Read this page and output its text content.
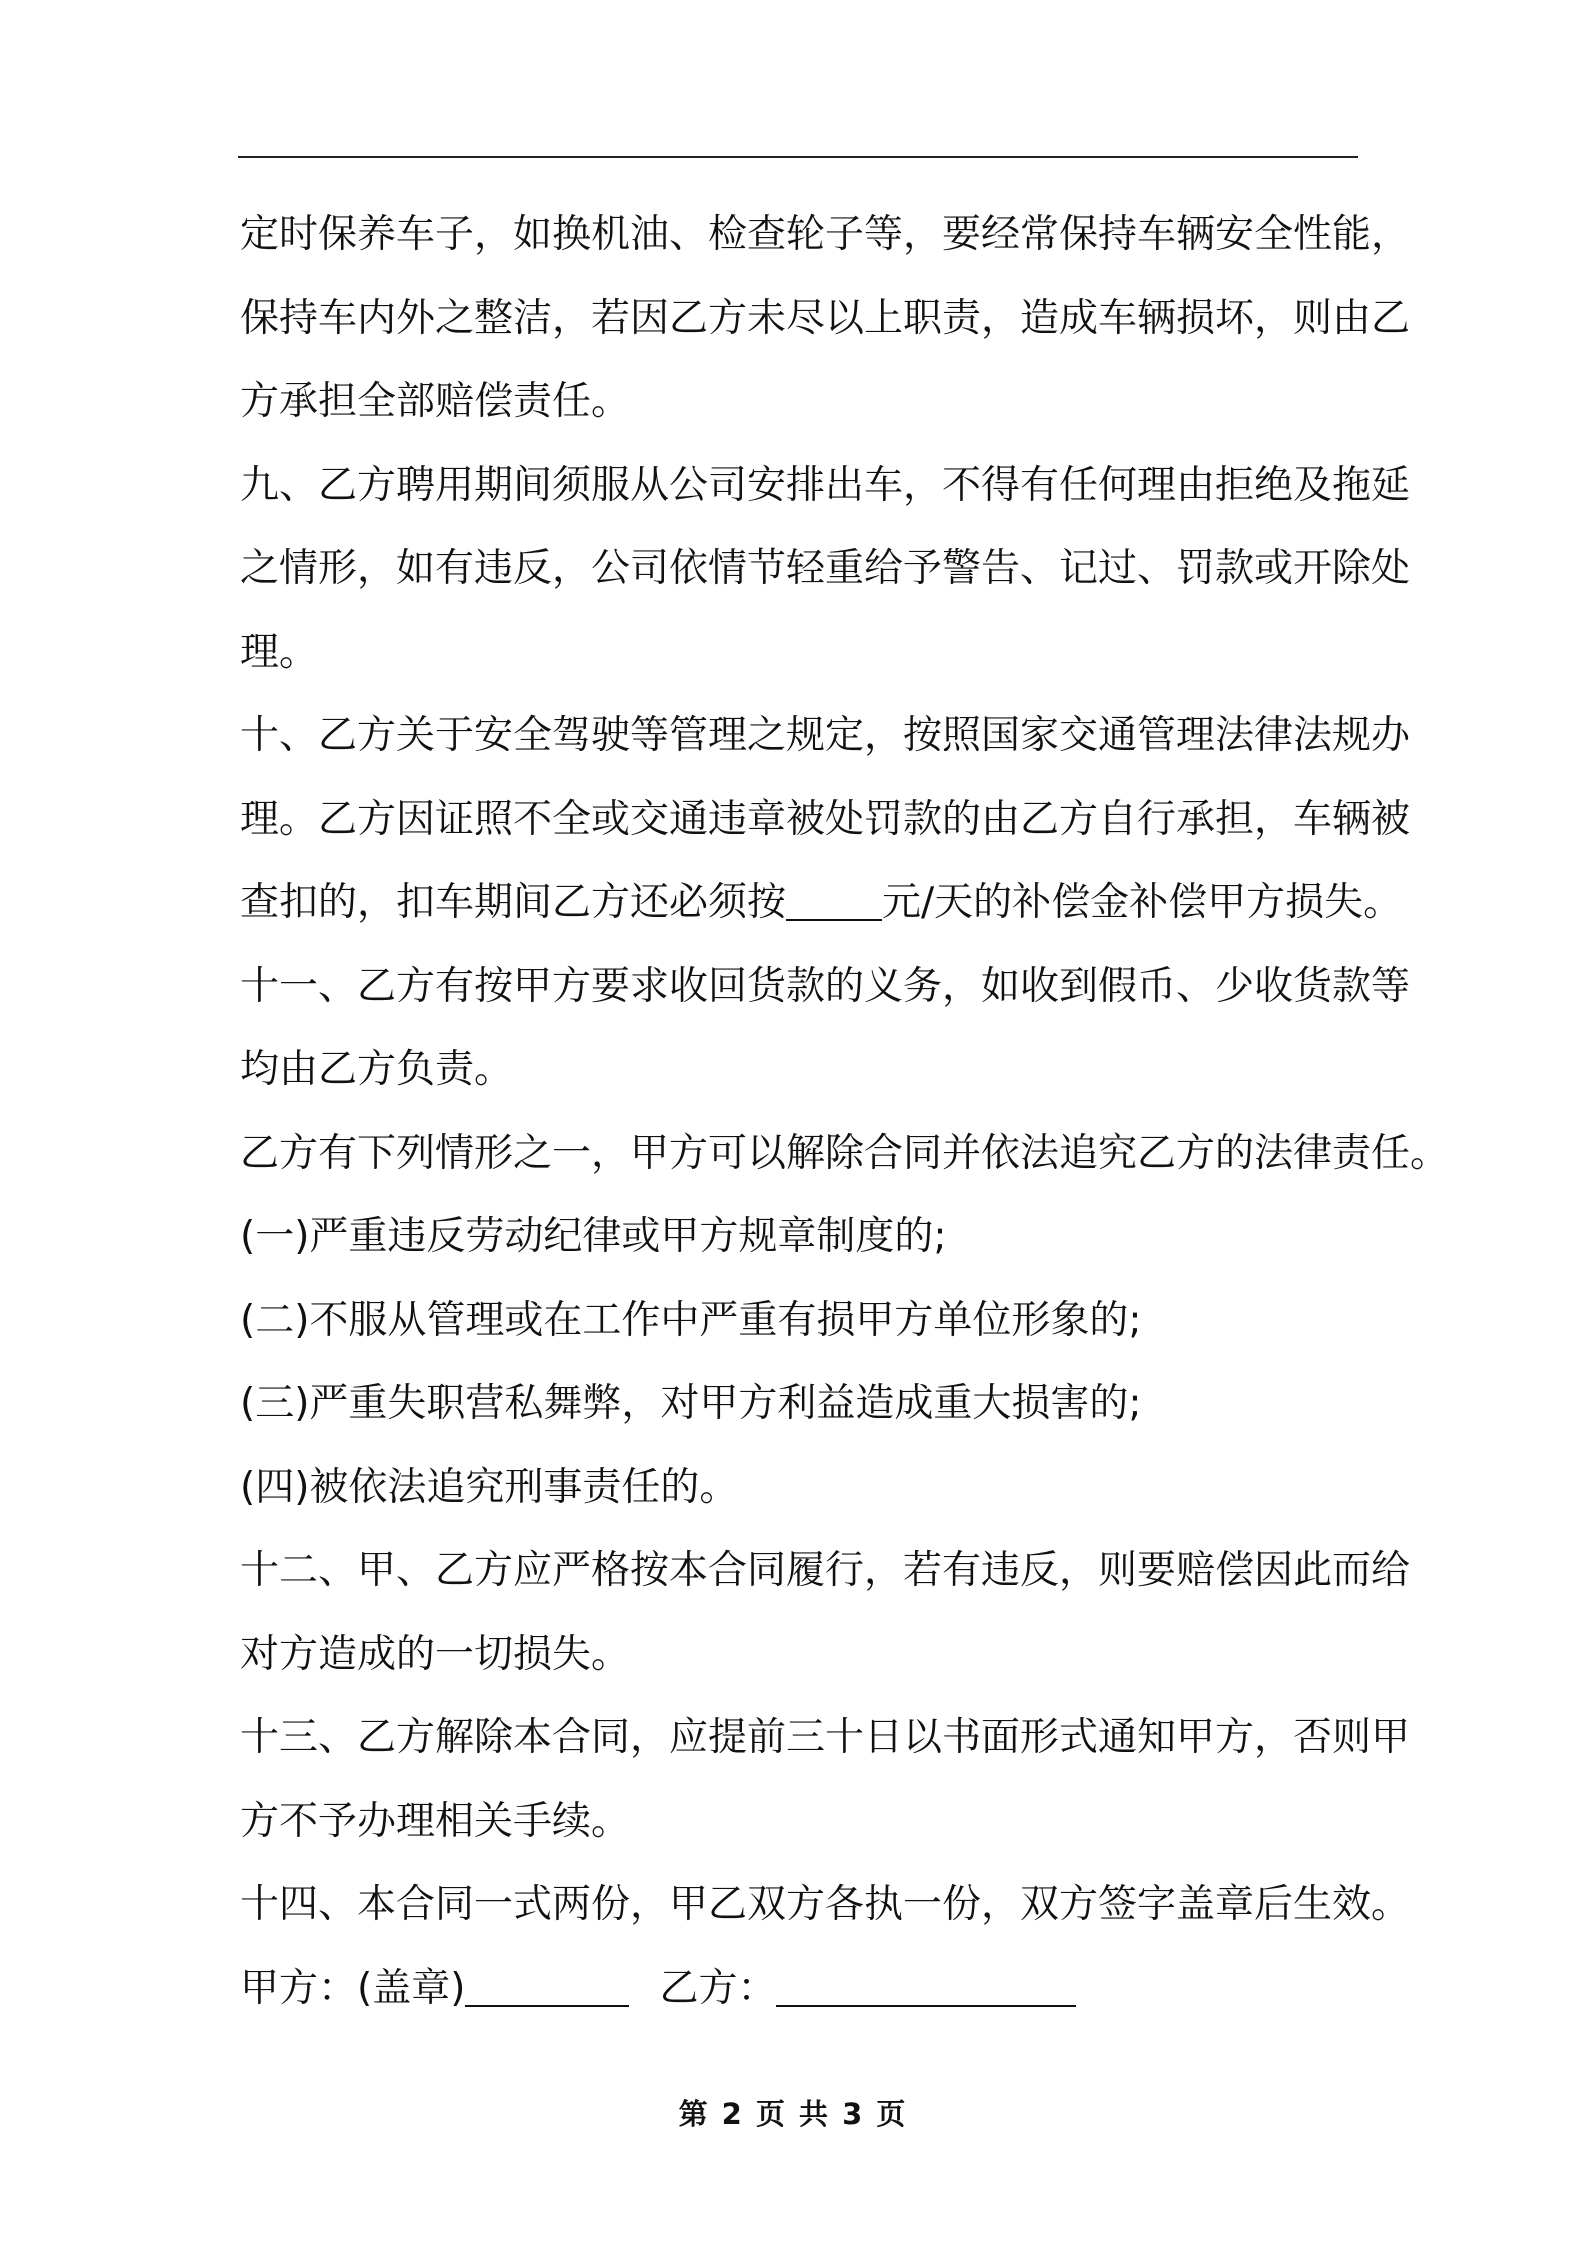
定时保养车子，如换机油、检查轮子等，要经常保持车辆安全性能，
保持车内外之整洁，若因乙方未尽以上职责，造成车辆损坏，则由乙
方承担全部赔偿责任。
九、乙方聘用期间须服从公司安排出车，不得有任何理由拒绝及拖延
之情形，如有违反，公司依情节轻重给予警告、记过、罚款或开除处
理。
十、乙方关于安全驾驶等管理之规定，按照国家交通管理法律法规办
理。乙方因证照不全或交通违章被处罚款的由乙方自行承担，车辆被
查扣的，扣车期间乙方还必须按 元/天的补偿金补偿甲方损失。
十一、乙方有按甲方要求收回货款的义务，如收到假币、少收货款等
均由乙方负责。
乙方有下列情形之一，甲方可以解除合同并依法追究乙方的法律责任。
(一)严重违反劳动纪律或甲方规章制度的;
(二)不服从管理或在工作中严重有损甲方单位形象的;
(三)严重失职营私舞弊，对甲方利益造成重大损害的;
(四)被依法追究刑事责任的。
十二、甲、乙方应严格按本合同履行，若有违反，则要赔偿因此而给
对方造成的一切损失。
十三、乙方解除本合同，应提前三十日以书面形式通知甲方，否则甲
方不予办理相关手续。
十四、本合同一式两份，甲乙双方各执一份，双方签字盖章后生效。
甲方：(盖章)	乙方：
第 2 页 共 3 页
